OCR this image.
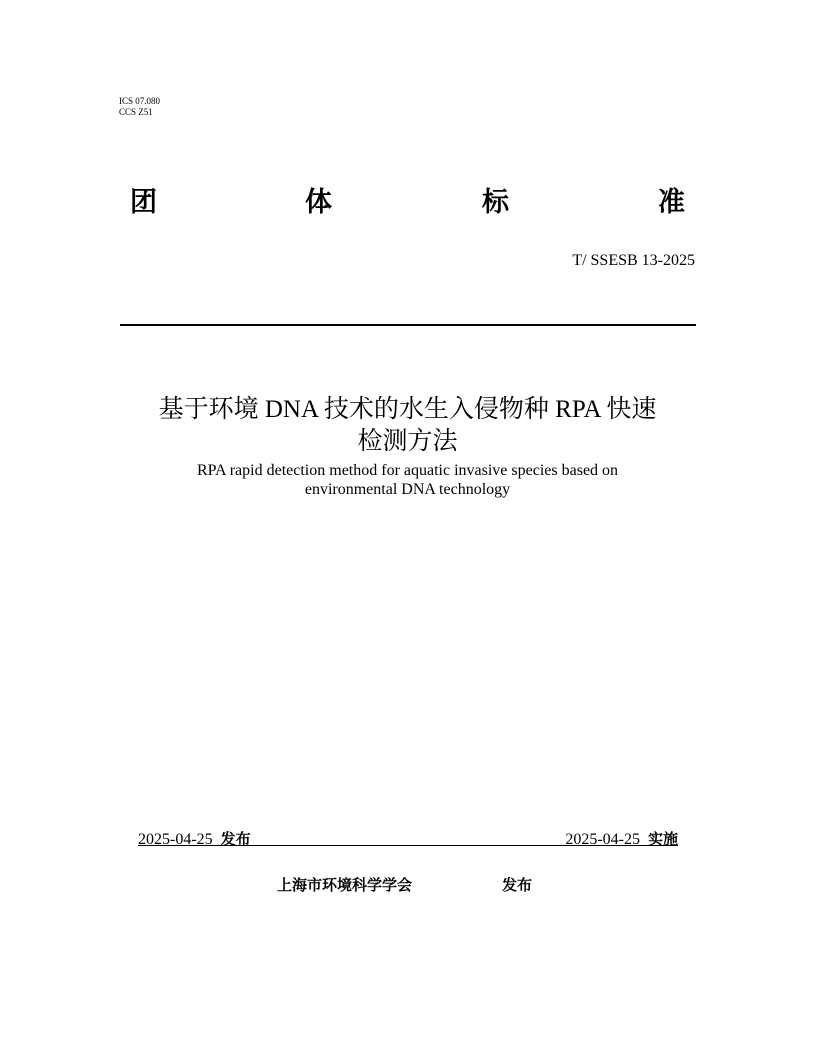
ICS 07.080
CCS Z51
团	体	标	准
T/ SSESB 13-2025
基于环境 DNA 技术的水生入侵物种 RPA 快速
检测方法
RPA rapid detection method for aquatic invasive species based on
environmental DNA technology
2025-04-25 发布	2025-04-25 实施
上海市环境科学学会	发布
